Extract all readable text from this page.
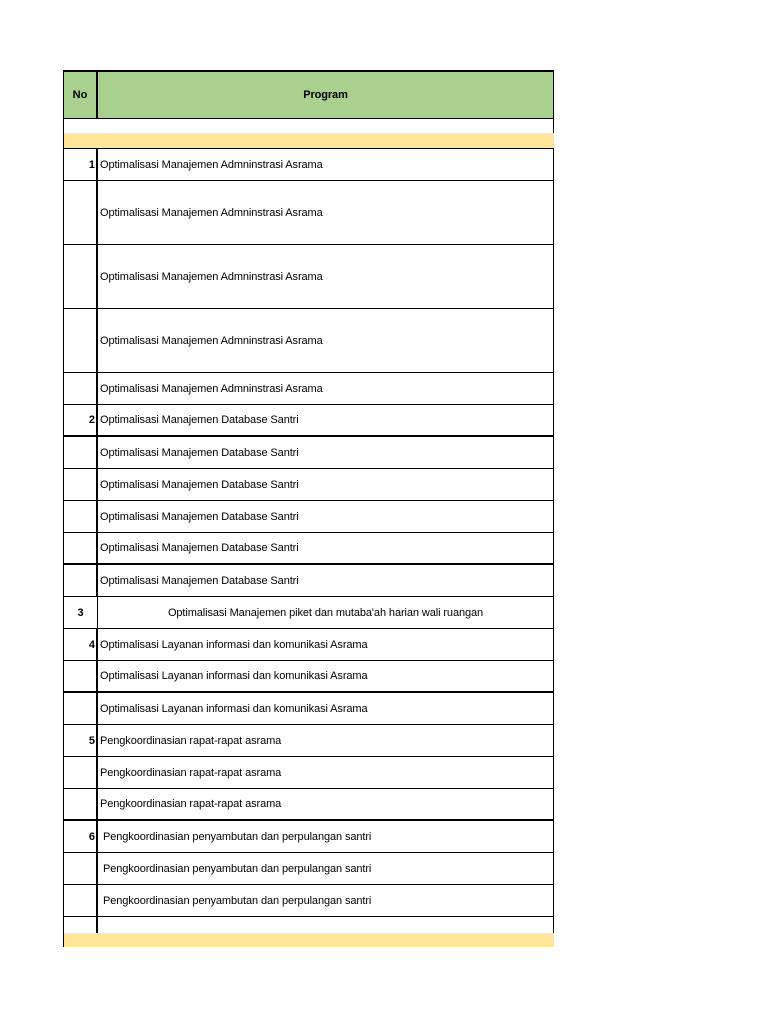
No	Program
1 Optimalisasi Manajemen Admninstrasi Asrama
Optimalisasi Manajemen Admninstrasi Asrama
Optimalisasi Manajemen Admninstrasi Asrama
Optimalisasi Manajemen Admninstrasi Asrama
Optimalisasi Manajemen Admninstrasi Asrama
2 Optimalisasi Manajemen Database Santri
Optimalisasi Manajemen Database Santri
Optimalisasi Manajemen Database Santri
Optimalisasi Manajemen Database Santri
Optimalisasi Manajemen Database Santri
Optimalisasi Manajemen Database Santri
3	Optimalisasi Manajemen piket dan mutaba'ah harian wali ruangan
4 Optimalisasi Layanan informasi dan komunikasi Asrama
Optimalisasi Layanan informasi dan komunikasi Asrama
Optimalisasi Layanan informasi dan komunikasi Asrama
5 Pengkoordinasian rapat-rapat asrama
Pengkoordinasian rapat-rapat asrama
Pengkoordinasian rapat-rapat asrama
6 Pengkoordinasian penyambutan dan perpulangan santri
Pengkoordinasian penyambutan dan perpulangan santri
Pengkoordinasian penyambutan dan perpulangan santri
